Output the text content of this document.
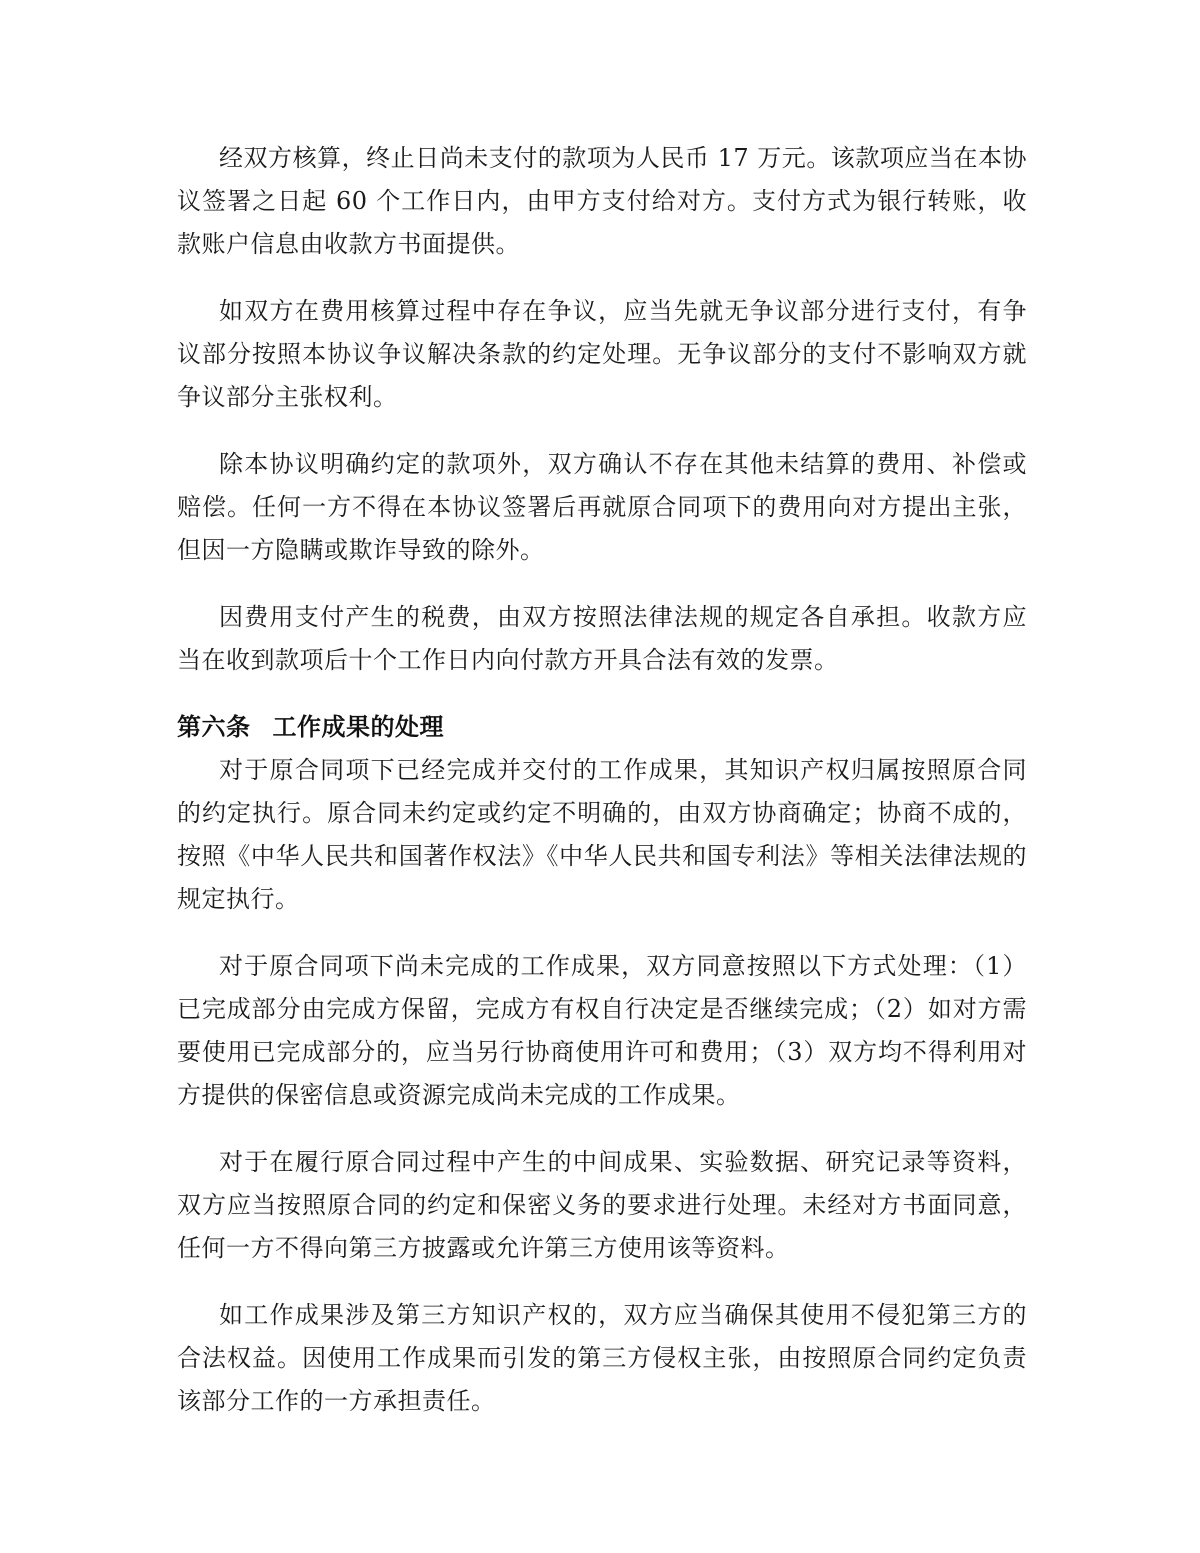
经双方核算，终止日尚未支付的款项为人民币 17 万元。该款项应当在本协议签署之日起 60 个工作日内，由甲方支付给对方。支付方式为银行转账，收款账户信息由收款方书面提供。

如双方在费用核算过程中存在争议，应当先就无争议部分进行支付，有争议部分按照本协议争议解决条款的约定处理。无争议部分的支付不影响双方就争议部分主张权利。

除本协议明确约定的款项外，双方确认不存在其他未结算的费用、补偿或赔偿。任何一方不得在本协议签署后再就原合同项下的费用向对方提出主张，但因一方隐瞒或欺诈导致的除外。

因费用支付产生的税费，由双方按照法律法规的规定各自承担。收款方应当在收到款项后十个工作日内向付款方开具合法有效的发票。

第六条 工作成果的处理

对于原合同项下已经完成并交付的工作成果，其知识产权归属按照原合同的约定执行。原合同未约定或约定不明确的，由双方协商确定；协商不成的，按照《中华人民共和国著作权法》《中华人民共和国专利法》等相关法律法规的规定执行。

对于原合同项下尚未完成的工作成果，双方同意按照以下方式处理：（1）已完成部分由完成方保留，完成方有权自行决定是否继续完成；（2）如对方需要使用已完成部分的，应当另行协商使用许可和费用；（3）双方均不得利用对方提供的保密信息或资源完成尚未完成的工作成果。

对于在履行原合同过程中产生的中间成果、实验数据、研究记录等资料，双方应当按照原合同的约定和保密义务的要求进行处理。未经对方书面同意，任何一方不得向第三方披露或允许第三方使用该等资料。

如工作成果涉及第三方知识产权的，双方应当确保其使用不侵犯第三方的合法权益。因使用工作成果而引发的第三方侵权主张，由按照原合同约定负责该部分工作的一方承担责任。
